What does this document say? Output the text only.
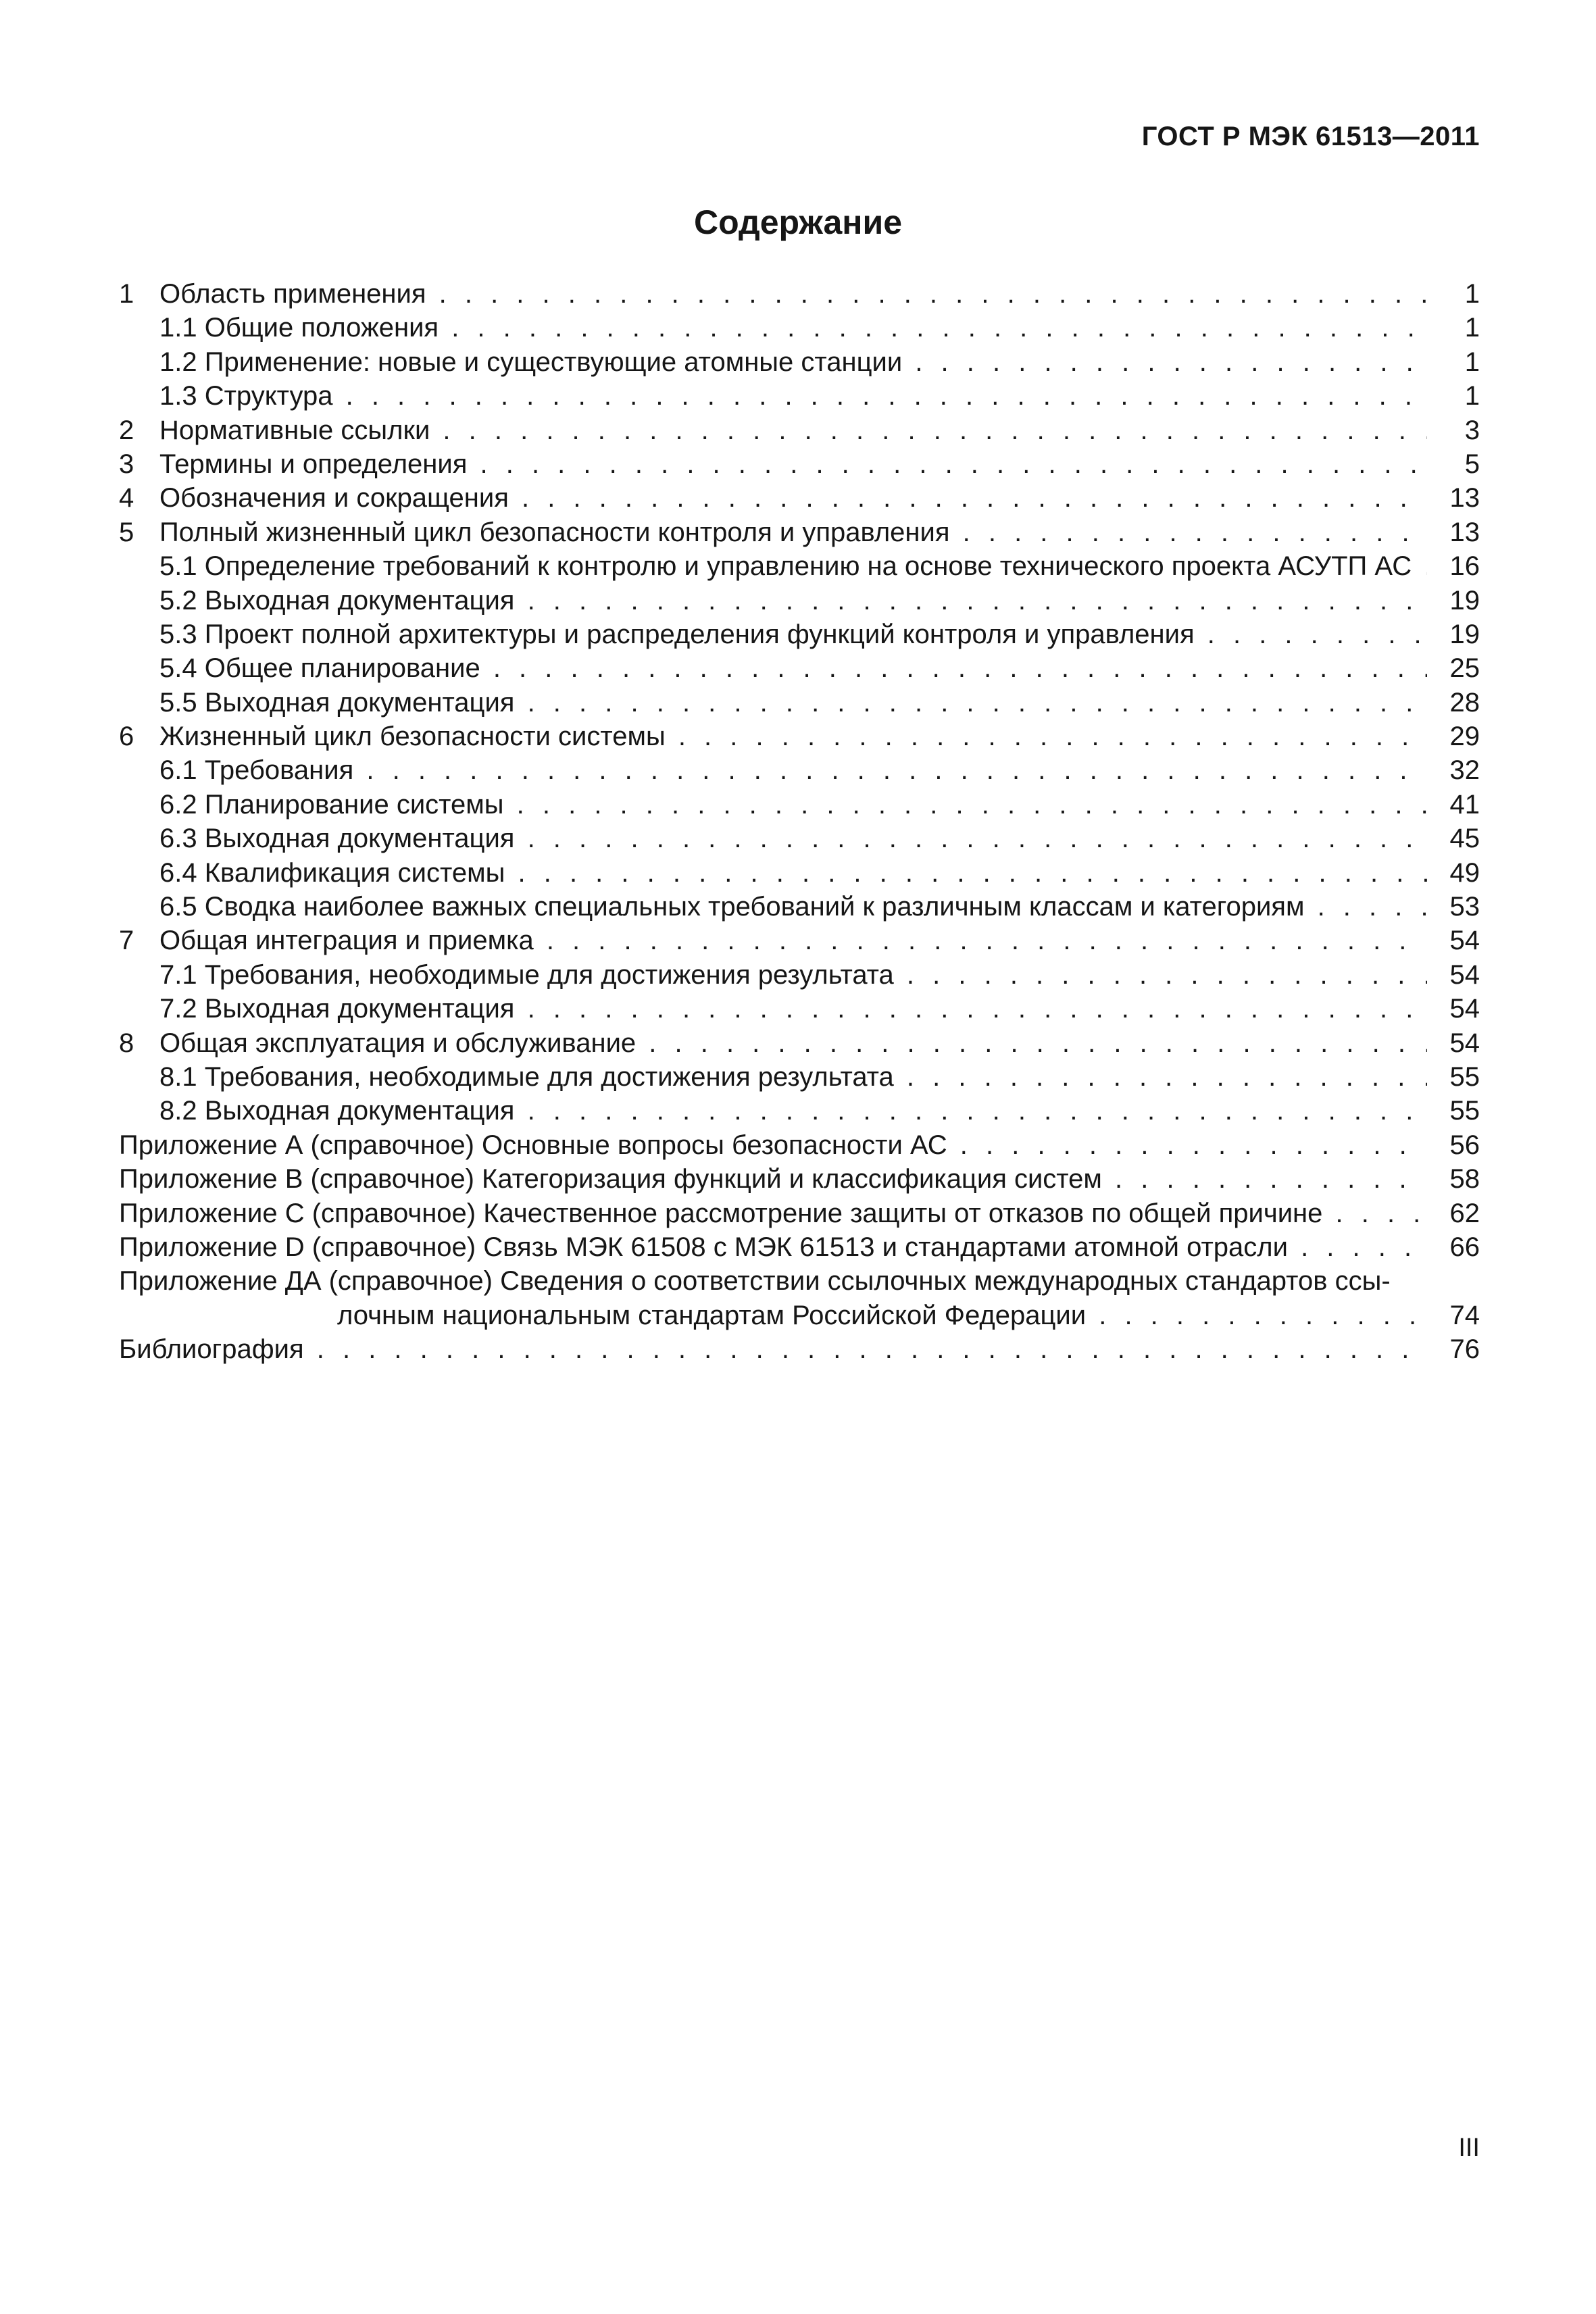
ГОСТ Р МЭК 61513—2011
Содержание
1 Область применения . . .	1
1.1 Общие положения . . .	1
1.2 Применение: новые и существующие атомные станции . . .	1
1.3 Структура . . .	1
2 Нормативные ссылки . . .	3
3 Термины и определения . . .	5
4 Обозначения и сокращения . . .	13
5 Полный жизненный цикл безопасности контроля и управления . . .	13
5.1 Определение требований к контролю и управлению на основе технического проекта АСУТП АС . . .	16
5.2 Выходная документация . . .	19
5.3 Проект полной архитектуры и распределения функций контроля и управления . . .	19
5.4 Общее планирование . . .	25
5.5 Выходная документация . . .	28
6 Жизненный цикл безопасности системы . . .	29
6.1 Требования . . .	32
6.2 Планирование системы . . .	41
6.3 Выходная документация . . .	45
6.4 Квалификация системы . . .	49
6.5 Сводка наиболее важных специальных требований к различным классам и категориям . . .	53
7 Общая интеграция и приемка . . .	54
7.1 Требования, необходимые для достижения результата . . .	54
7.2 Выходная документация . . .	54
8 Общая эксплуатация и обслуживание . . .	54
8.1 Требования, необходимые для достижения результата . . .	55
8.2 Выходная документация . . .	55
Приложение А (справочное) Основные вопросы безопасности АС . . .	56
Приложение В (справочное) Категоризация функций и классификация систем . . .	58
Приложение С (справочное) Качественное рассмотрение защиты от отказов по общей причине . . .	62
Приложение D (справочное) Связь МЭК 61508 с МЭК 61513 и стандартами атомной отрасли . . .	66
Приложение ДА (справочное) Сведения о соответствии ссылочных международных стандартов ссы-
лочным национальным стандартам Российской Федерации . . .	74
Библиография . . .	76
III
